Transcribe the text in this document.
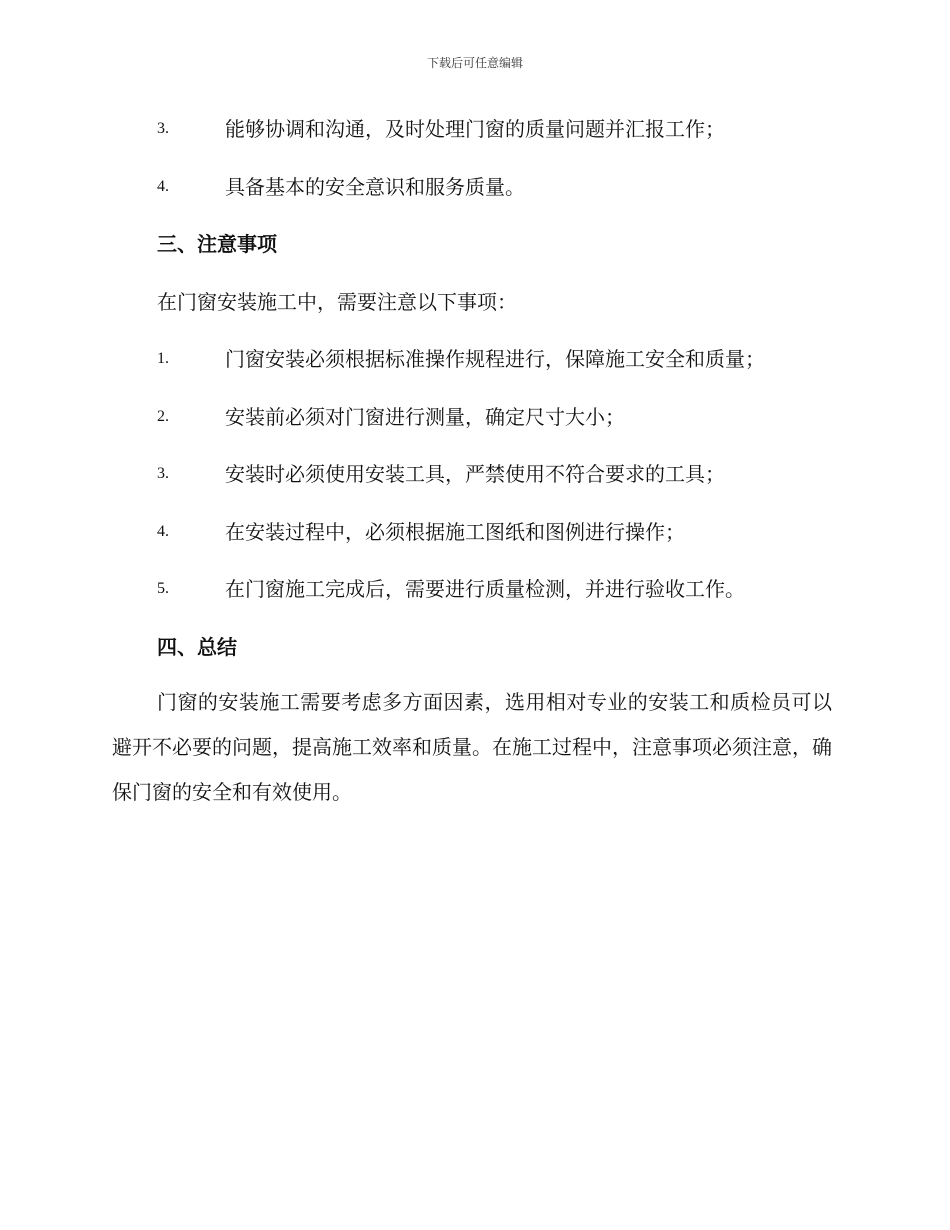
下载后可任意编辑
3.	能够协调和沟通，及时处理门窗的质量问题并汇报工作；
4.	具备基本的安全意识和服务质量。
三、注意事项
在门窗安装施工中，需要注意以下事项：
1.	门窗安装必须根据标准操作规程进行，保障施工安全和质量；
2.	安装前必须对门窗进行测量，确定尺寸大小；
3.	安装时必须使用安装工具，严禁使用不符合要求的工具；
4.	在安装过程中，必须根据施工图纸和图例进行操作；
5.	在门窗施工完成后，需要进行质量检测，并进行验收工作。
四、总结
门窗的安装施工需要考虑多方面因素，选用相对专业的安装工和质检员可以避开不必要的问题，提高施工效率和质量。在施工过程中，注意事项必须注意，确保门窗的安全和有效使用。
